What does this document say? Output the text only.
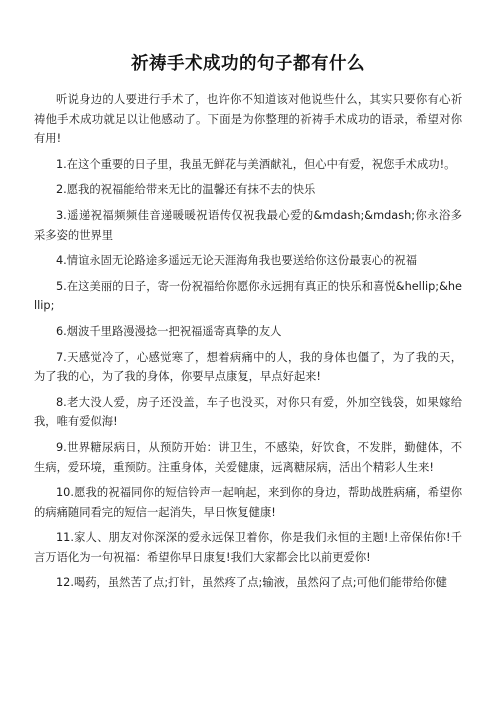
祈祷手术成功的句子都有什么

听说身边的人要进行手术了，也许你不知道该对他说些什么，其实只要你有心祈祷他手术成功就足以让他感动了。下面是为你整理的祈祷手术成功的语录，希望对你有用!

1.在这个重要的日子里，我虽无鲜花与美酒献礼，但心中有爱，祝您手术成功!。

2.愿我的祝福能给带来无比的温馨还有抹不去的快乐

3.遥递祝福频频佳音递暖暖祝语传仅祝我最心爱的&mdash;&mdash;你永浴多采多姿的世界里

4.情谊永固无论路途多遥远无论天涯海角我也要送给你这份最衷心的祝福

5.在这美丽的日子，寄一份祝福给你愿你永远拥有真正的快乐和喜悦&hellip;&hellip;

6.烟波千里路漫漫捻一把祝福遥寄真挚的友人

7.天感觉冷了，心感觉寒了，想着病痛中的人，我的身体也僵了，为了我的天，为了我的心，为了我的身体，你要早点康复，早点好起来!

8.老大没人爱，房子还没盖，车子也没买，对你只有爱，外加空钱袋，如果嫁给我，唯有爱似海!

9.世界糖尿病日，从预防开始：讲卫生，不感染，好饮食，不发胖，勤健体，不生病，爱环境，重预防。注重身体，关爱健康，远离糖尿病，活出个精彩人生来!

10.愿我的祝福同你的短信铃声一起响起，来到你的身边，帮助战胜病痛，希望你的病痛随同看完的短信一起消失，早日恢复健康!

11.家人、朋友对你深深的爱永远保卫着你，你是我们永恒的主题!上帝保佑你!千言万语化为一句祝福：希望你早日康复!我们大家都会比以前更爱你!

12.喝药，虽然苦了点;打针，虽然疼了点;输液，虽然闷了点;可他们能带给你健
